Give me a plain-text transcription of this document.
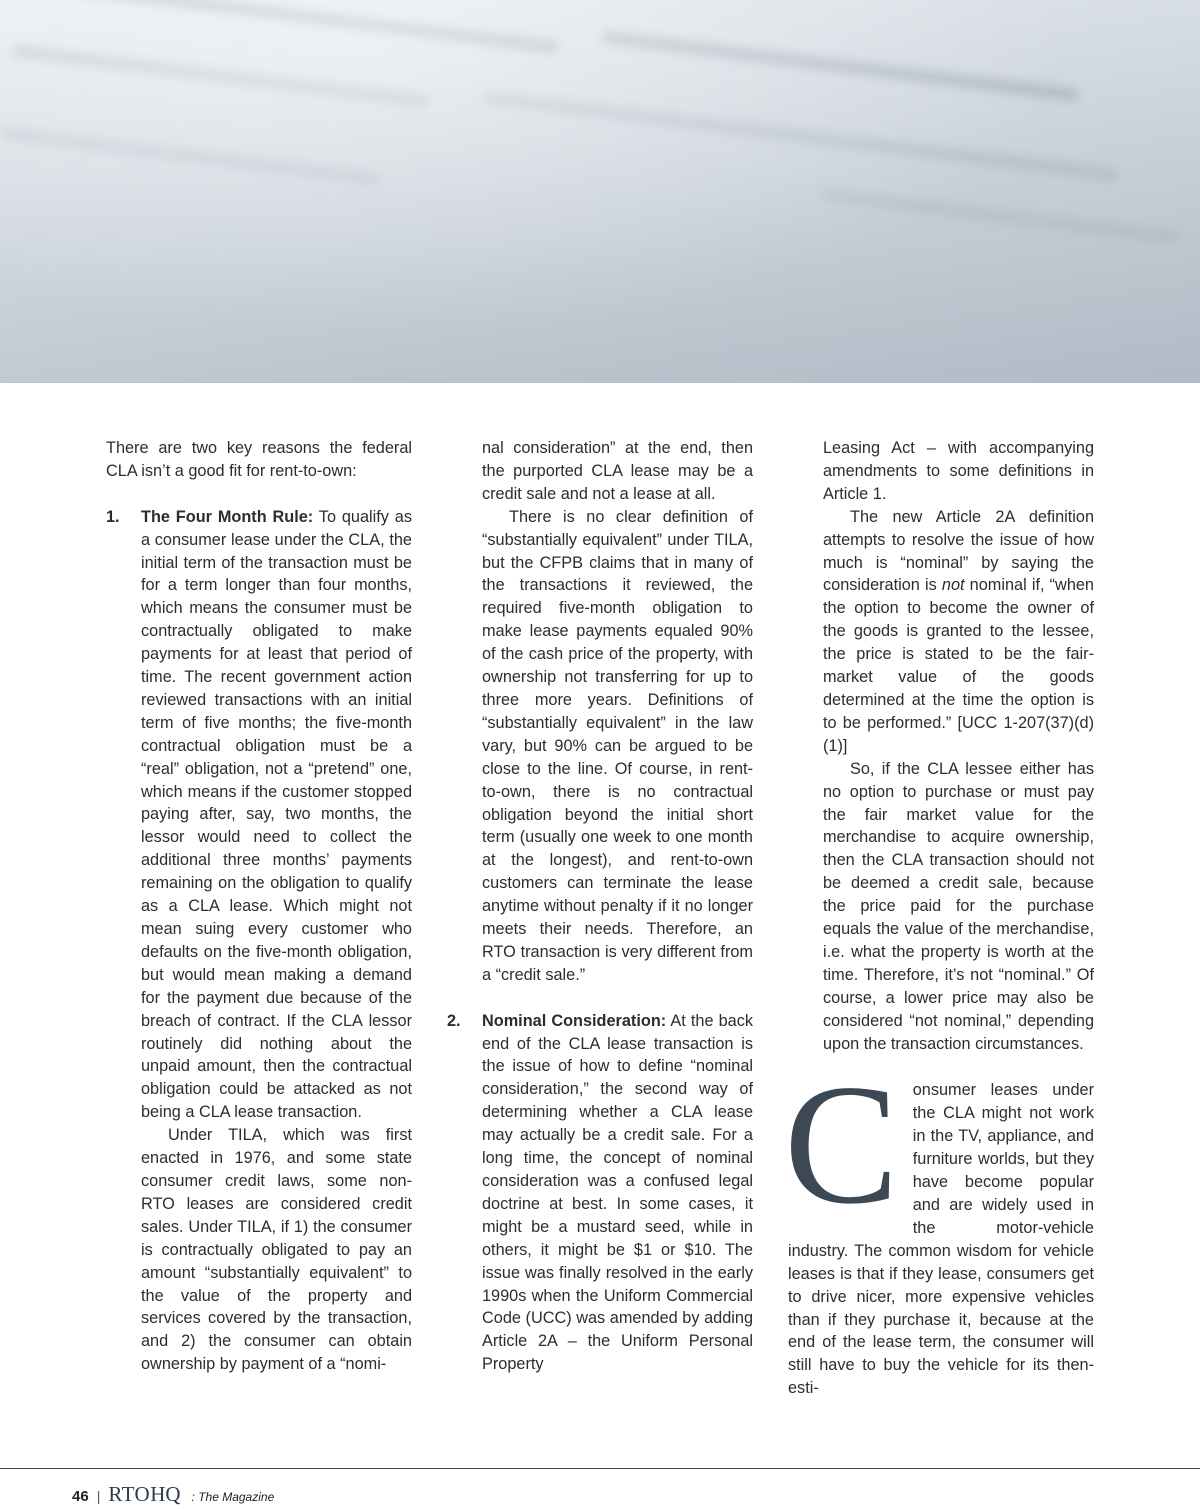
There are two key reasons the federal CLA isn’t a good fit for rent-to-own:

1. The Four Month Rule: To qualify as a consumer lease under the CLA, the initial term of the transaction must be for a term longer than four months, which means the consumer must be contractually obligated to make payments for at least that period of time. The recent government action reviewed transactions with an initial term of five months; the five-month contractual obligation must be a “real” obligation, not a “pretend” one, which means if the customer stopped paying after, say, two months, the lessor would need to collect the additional three months’ payments remaining on the obligation to qualify as a CLA lease. Which might not mean suing every customer who defaults on the five-month obligation, but would mean making a demand for the payment due because of the breach of contract. If the CLA lessor routinely did nothing about the unpaid amount, then the contractual obligation could be attacked as not being a CLA lease transaction.

Under TILA, which was first enacted in 1976, and some state consumer credit laws, some non-RTO leases are considered credit sales. Under TILA, if 1) the consumer is contractually obligated to pay an amount “substantially equivalent” to the value of the property and services covered by the transaction, and 2) the consumer can obtain ownership by payment of a “nomi-

nal consideration” at the end, then the purported CLA lease may be a credit sale and not a lease at all.

There is no clear definition of “substantially equivalent” under TILA, but the CFPB claims that in many of the transactions it reviewed, the required five-month obligation to make lease payments equaled 90% of the cash price of the property, with ownership not transferring for up to three more years. Definitions of “substantially equivalent” in the law vary, but 90% can be argued to be close to the line. Of course, in rent-to-own, there is no contractual obligation beyond the initial short term (usually one week to one month at the longest), and rent-to-own customers can terminate the lease anytime without penalty if it no longer meets their needs. Therefore, an RTO transaction is very different from a “credit sale.”

2. Nominal Consideration: At the back end of the CLA lease transaction is the issue of how to define “nominal consideration,” the second way of determining whether a CLA lease may actually be a credit sale. For a long time, the concept of nominal consideration was a confused legal doctrine at best. In some cases, it might be a mustard seed, while in others, it might be $1 or $10. The issue was finally resolved in the early 1990s when the Uniform Commercial Code (UCC) was amended by adding Article 2A – the Uniform Personal Property

Leasing Act – with accompanying amendments to some definitions in Article 1.

The new Article 2A definition attempts to resolve the issue of how much is “nominal” by saying the consideration is not nominal if, “when the option to become the owner of the goods is granted to the lessee, the price is stated to be the fair-market value of the goods determined at the time the option is to be performed.” [UCC 1-207(37)(d)(1)]

So, if the CLA lessee either has no option to purchase or must pay the fair market value for the merchandise to acquire ownership, then the CLA transaction should not be deemed a credit sale, because the price paid for the purchase equals the value of the merchandise, i.e. what the property is worth at the time. Therefore, it’s not “nominal.” Of course, a lower price may also be considered “not nominal,” depending upon the transaction circumstances.

C onsumer leases under the CLA might not work in the TV, appliance, and furniture worlds, but they have become popular and are widely used in the motor-vehicle industry. The common wisdom for vehicle leases is that if they lease, consumers get to drive nicer, more expensive vehicles than if they purchase it, because at the end of the lease term, the consumer will still have to buy the vehicle for its then-esti-

46 | RTOHQ : The Magazine
